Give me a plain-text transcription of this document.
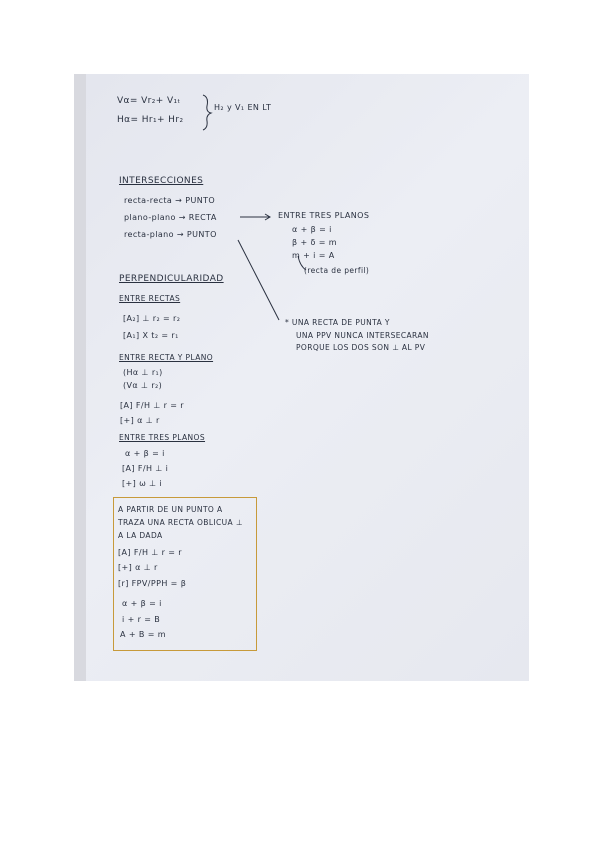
Vα= Vr₂+ V₁ₜ
Hα= Hr₁+ Hr₂
H₂ y V₁ EN LT
INTERSECCIONES
recta-recta → PUNTO
plano-plano → RECTA
recta-plano → PUNTO
ENTRE TRES PLANOS
α + β = i
β + δ = m
m + i = A
(recta de perfil)
* UNA RECTA DE PUNTA Y
UNA PPV NUNCA INTERSECARAN
PORQUE LOS DOS SON ⊥ AL PV
PERPENDICULARIDAD
ENTRE RECTAS
[A₂] ⊥ r₂ = r₂
[A₁] X t₂ = r₁
ENTRE RECTA Y PLANO
(Hα ⊥ r₁)
(Vα ⊥ r₂)
[A] F/H ⊥ r = r
[+] α ⊥ r
ENTRE TRES PLANOS
α + β = i
[A] F/H ⊥ i
[+] ω ⊥ i
A PARTIR DE UN PUNTO A
TRAZA UNA RECTA OBLICUA ⊥
A LA DADA
[A] F/H ⊥ r = r
[+] α ⊥ r
[r] FPV/PPH = β
α + β = i
i + r = B
A + B = m
